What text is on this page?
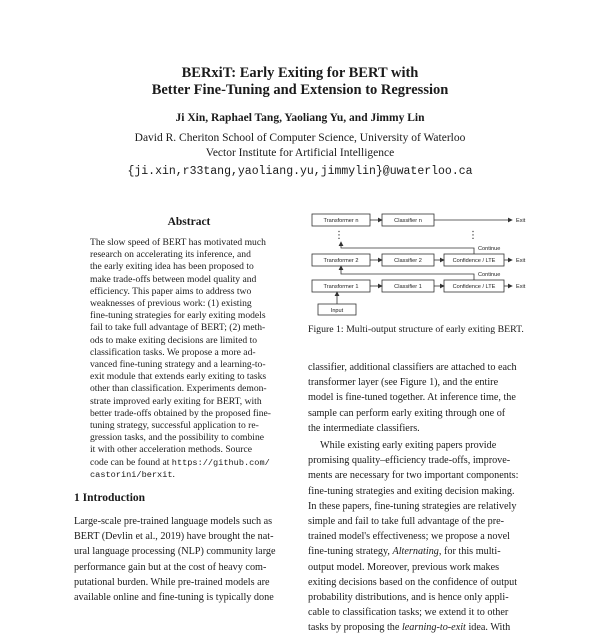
BERxiT: Early Exiting for BERT with
Better Fine-Tuning and Extension to Regression
Ji Xin, Raphael Tang, Yaoliang Yu, and Jimmy Lin
David R. Cheriton School of Computer Science, University of Waterloo
Vector Institute for Artificial Intelligence
{ji.xin,r33tang,yaoliang.yu,jimmylin}@uwaterloo.ca
Abstract
The slow speed of BERT has motivated much
research on accelerating its inference, and
the early exiting idea has been proposed to
make trade-offs between model quality and
efficiency. This paper aims to address two
weaknesses of previous work: (1) existing
fine-tuning strategies for early exiting models
fail to take full advantage of BERT; (2) meth-
ods to make exiting decisions are limited to
classification tasks. We propose a more ad-
vanced fine-tuning strategy and a learning-to-
exit module that extends early exiting to tasks
other than classification. Experiments demon-
strate improved early exiting for BERT, with
better trade-offs obtained by the proposed fine-
tuning strategy, successful application to re-
gression tasks, and the possibility to combine
it with other acceleration methods. Source
code can be found at https://github.com/
castorini/berxit.
1 Introduction
Large-scale pre-trained language models such as
BERT (Devlin et al., 2019) have brought the nat-
ural language processing (NLP) community large
performance gain but at the cost of heavy com-
putational burden. While pre-trained models are
available online and fine-tuning is typically done
Transformer n	Classifier n	Exit
Transformer 2	Classifier 2	Confidence / LTE	Exit
Continue
Transformer 1	Classifier 1	Confidence / LTE	Exit
Continue
Input
⋮	⋮
Figure 1: Multi-output structure of early exiting BERT.
classifier, additional classifiers are attached to each
transformer layer (see Figure 1), and the entire
model is fine-tuned together. At inference time, the
sample can perform early exiting through one of
the intermediate classifiers.
While existing early exiting papers provide
promising quality–efficiency trade-offs, improve-
ments are necessary for two important components:
fine-tuning strategies and exiting decision making.
In these papers, fine-tuning strategies are relatively
simple and fail to take full advantage of the pre-
trained model's effectiveness; we propose a novel
fine-tuning strategy, Alternating, for this multi-
output model. Moreover, previous work makes
exiting decisions based on the confidence of output
probability distributions, and is hence only appli-
cable to classification tasks; we extend it to other
tasks by proposing the learning-to-exit idea. With
